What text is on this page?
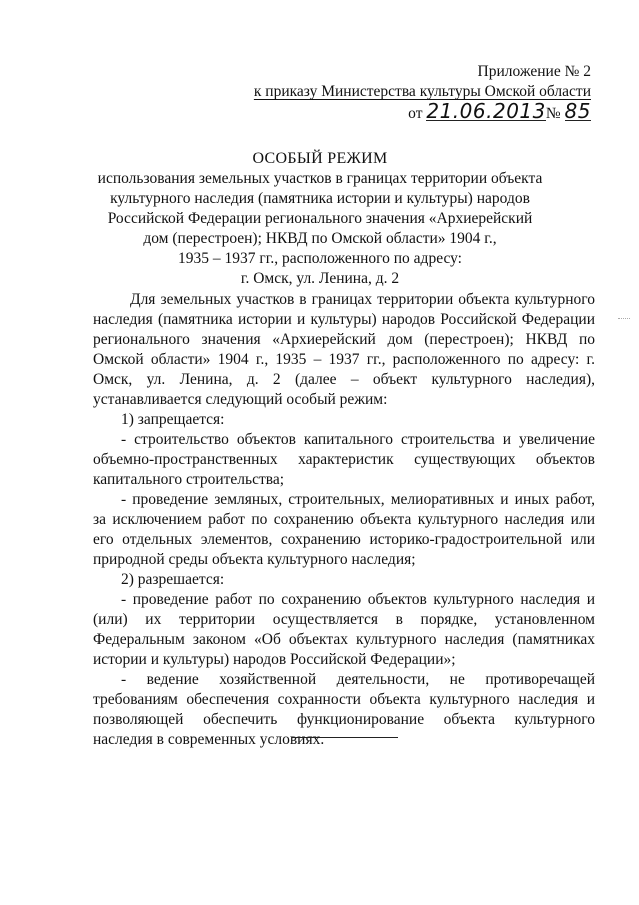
Приложение № 2
к приказу Министерства культуры Омской области
от 21.06.2013№ 85
ОСОБЫЙ РЕЖИМ
использования земельных участков в границах территории объекта
культурного наследия (памятника истории и культуры) народов
Российской Федерации регионального значения «Архиерейский
дом (перестроен); НКВД по Омской области» 1904 г.,
1935 – 1937 гг., расположенного по адресу:
г. Омск, ул. Ленина, д. 2

Для земельных участков в границах территории объекта культурного наследия (памятника истории и культуры) народов Российской Федерации регионального значения «Архиерейский дом (перестроен); НКВД по Омской области» 1904 г., 1935 – 1937 гг., расположенного по адресу: г. Омск, ул. Ленина, д. 2 (далее – объект культурного наследия), устанавливается следующий особый режим:

1) запрещается:

- строительство объектов капитального строительства и увеличение объемно-пространственных характеристик существующих объектов капитального строительства;

- проведение земляных, строительных, мелиоративных и иных работ, за исключением работ по сохранению объекта культурного наследия или его отдельных элементов, сохранению историко-градостроительной или природной среды объекта культурного наследия;

2) разрешается:

- проведение работ по сохранению объектов культурного наследия и (или) их территории осуществляется в порядке, установленном Федеральным законом «Об объектах культурного наследия (памятниках истории и культуры) народов Российской Федерации»;

- ведение хозяйственной деятельности, не противоречащей требованиям обеспечения сохранности объекта культурного наследия и позволяющей обеспечить функционирование объекта культурного наследия в современных условиях.
